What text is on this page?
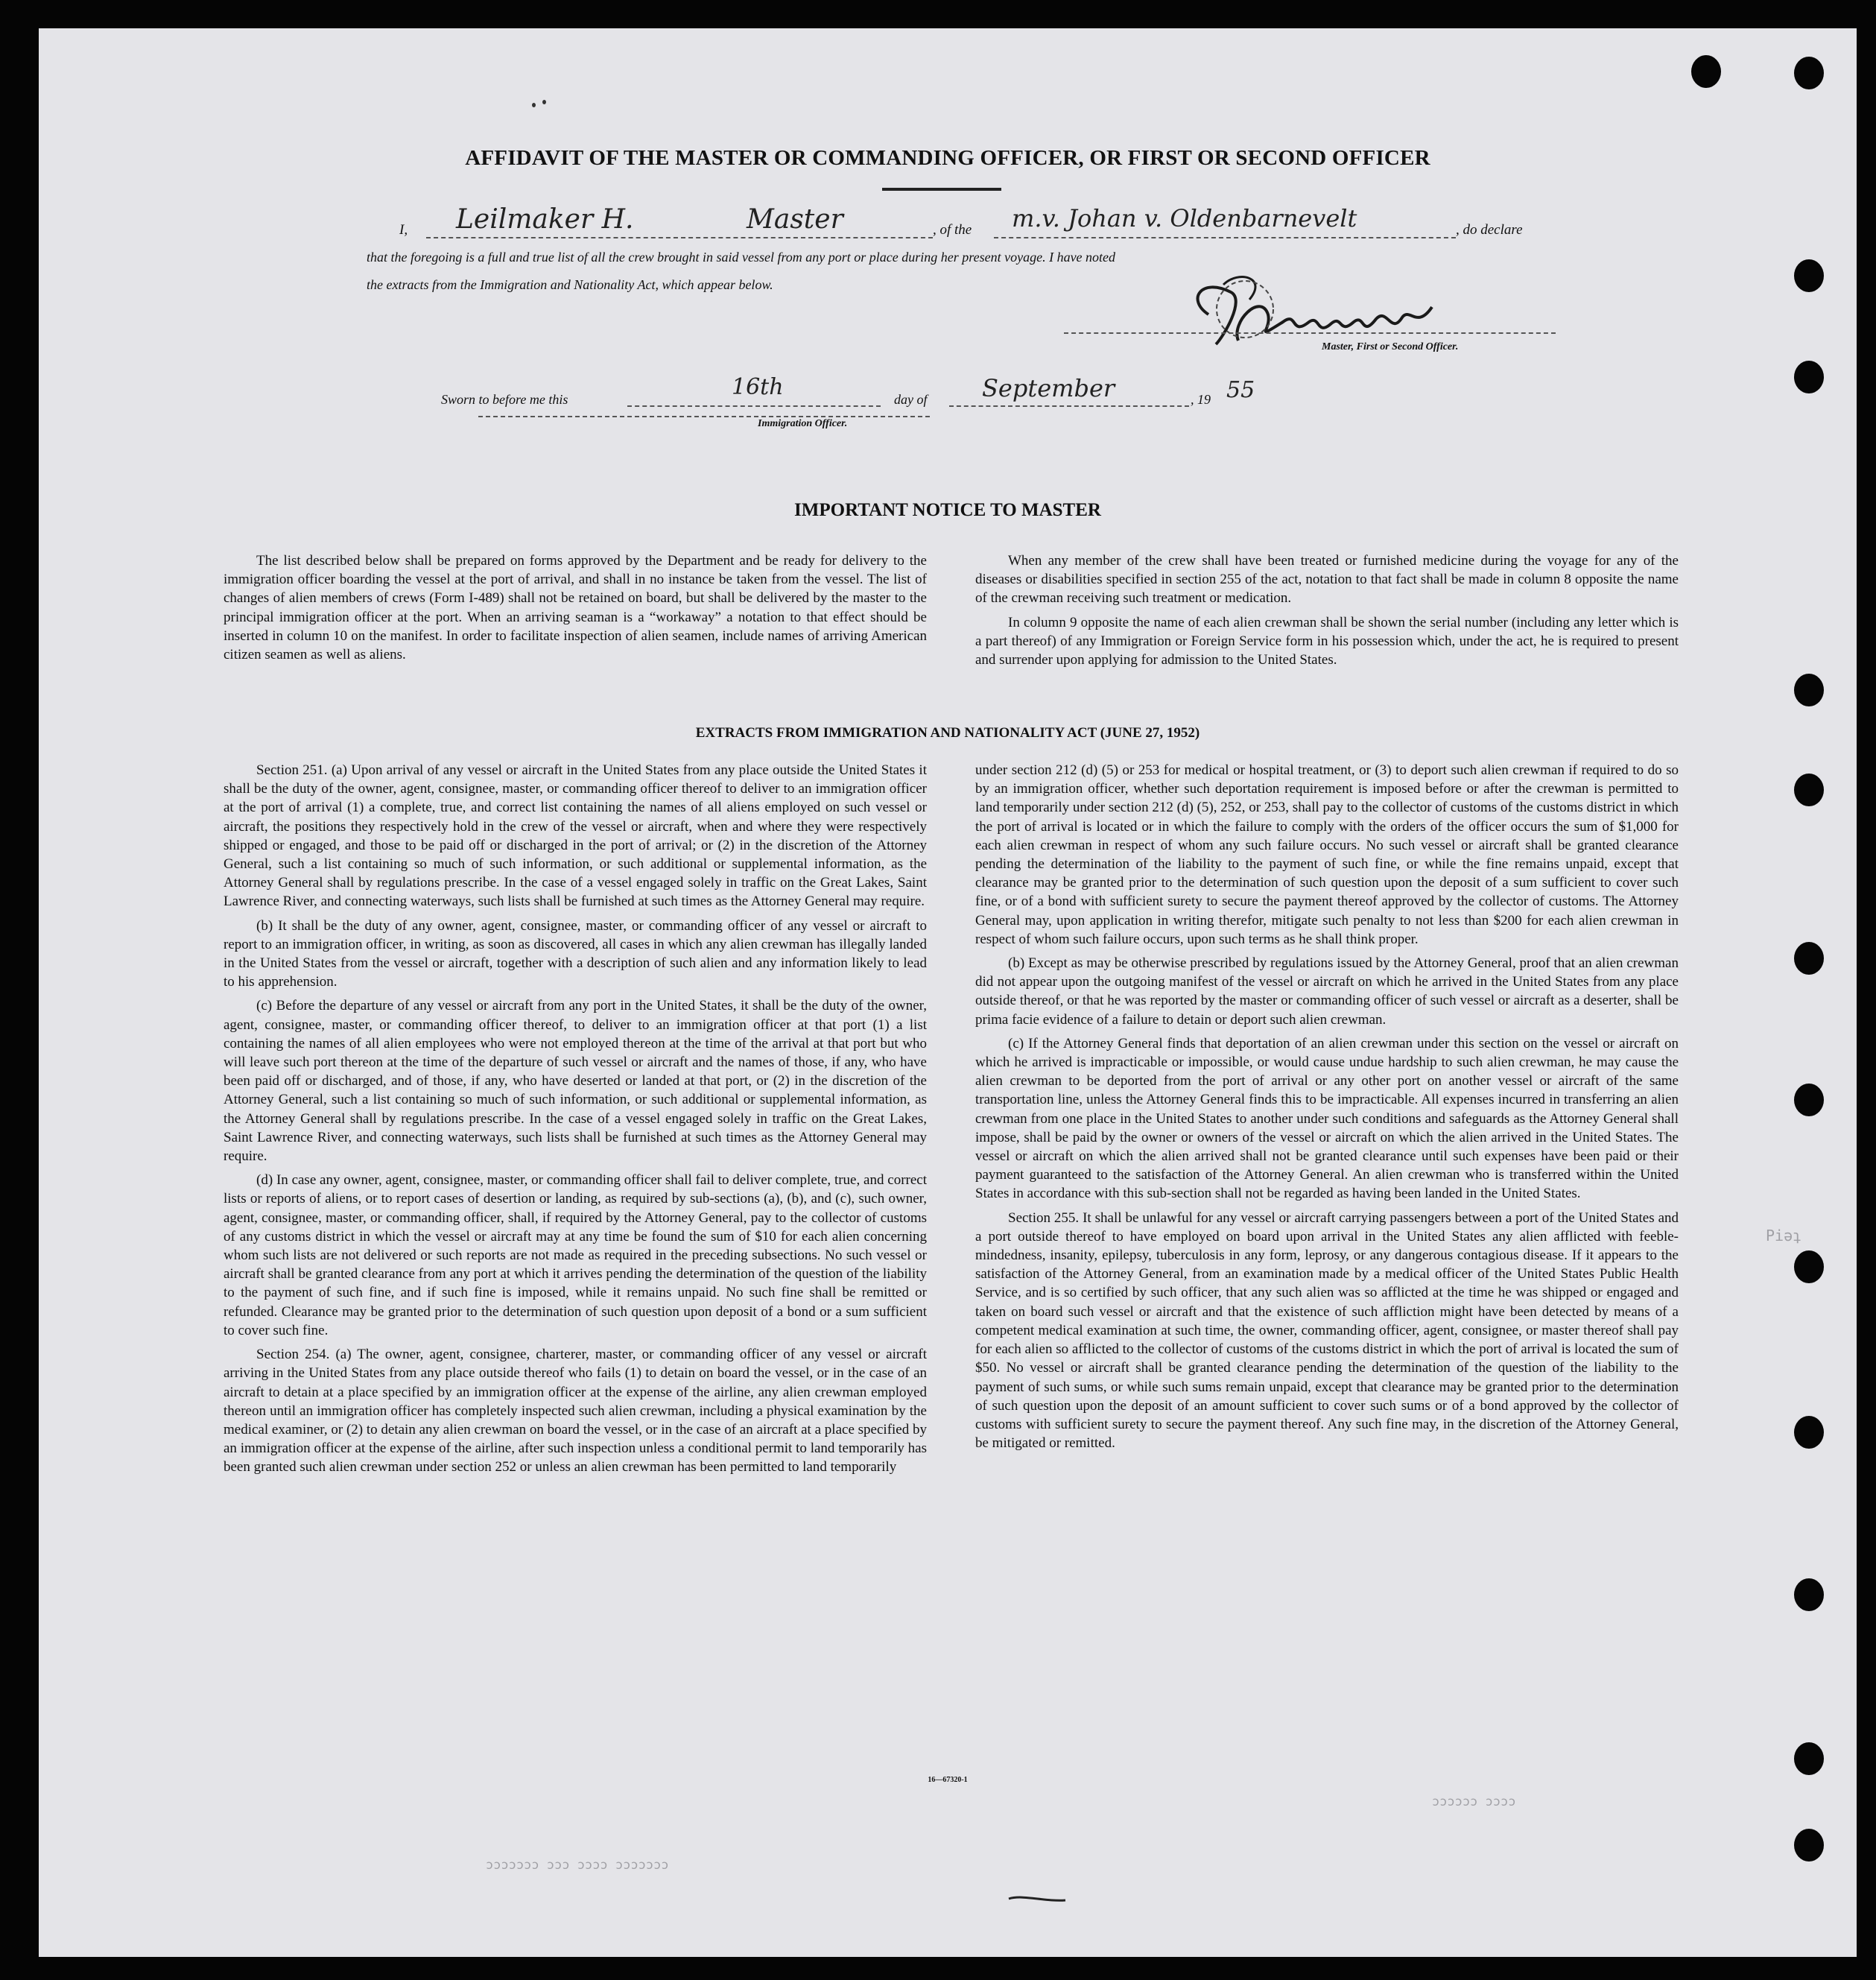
AFFIDAVIT OF THE MASTER OR COMMANDING OFFICER, OR FIRST OR SECOND OFFICER
I, Leilmaker H.	Master	, of the m.v. Johan v. Oldenbarnevelt	, do declare
that the foregoing is a full and true list of all the crew brought in said vessel from any port or place during her present voyage. I have noted
the extracts from the Immigration and Nationality Act, which appear below.
Master, First or Second Officer.
Sworn to before me this	16th	day of September	, 19 55
Immigration Officer.
IMPORTANT NOTICE TO MASTER

The list described below shall be prepared on forms approved by the Department and be ready for delivery to the immigration officer boarding the vessel at the port of arrival, and shall in no instance be taken from the vessel. The list of changes of alien members of crews (Form I-489) shall not be retained on board, but shall be delivered by the master to the principal immigration officer at the port. When an arriving seaman is a “workaway” a notation to that effect should be inserted in column 10 on the manifest. In order to facilitate inspection of alien seamen, include names of arriving American citizen seamen as well as aliens.

When any member of the crew shall have been treated or furnished medicine during the voyage for any of the diseases or disabilities specified in section 255 of the act, notation to that fact shall be made in column 8 opposite the name of the crewman receiving such treatment or medication.

In column 9 opposite the name of each alien crewman shall be shown the serial number (including any letter which is a part thereof) of any Immigration or Foreign Service form in his possession which, under the act, he is required to present and surrender upon applying for admission to the United States.

EXTRACTS FROM IMMIGRATION AND NATIONALITY ACT (JUNE 27, 1952)

Section 251. (a) Upon arrival of any vessel or aircraft in the United States from any place outside the United States it shall be the duty of the owner, agent, consignee, master, or commanding officer thereof to deliver to an immigration officer at the port of arrival (1) a complete, true, and correct list containing the names of all aliens employed on such vessel or aircraft, the positions they respectively hold in the crew of the vessel or aircraft, when and where they were respectively shipped or engaged, and those to be paid off or discharged in the port of arrival; or (2) in the discretion of the Attorney General, such a list containing so much of such information, or such additional or supplemental information, as the Attorney General shall by regulations prescribe. In the case of a vessel engaged solely in traffic on the Great Lakes, Saint Lawrence River, and connecting waterways, such lists shall be furnished at such times as the Attorney General may require.

(b) It shall be the duty of any owner, agent, consignee, master, or commanding officer of any vessel or aircraft to report to an immigration officer, in writing, as soon as discovered, all cases in which any alien crewman has illegally landed in the United States from the vessel or aircraft, together with a description of such alien and any information likely to lead to his apprehension.

(c) Before the departure of any vessel or aircraft from any port in the United States, it shall be the duty of the owner, agent, consignee, master, or commanding officer thereof, to deliver to an immigration officer at that port (1) a list containing the names of all alien employees who were not employed thereon at the time of the arrival at that port but who will leave such port thereon at the time of the departure of such vessel or aircraft and the names of those, if any, who have been paid off or discharged, and of those, if any, who have deserted or landed at that port, or (2) in the discretion of the Attorney General, such a list containing so much of such information, or such additional or supplemental information, as the Attorney General shall by regulations prescribe. In the case of a vessel engaged solely in traffic on the Great Lakes, Saint Lawrence River, and connecting waterways, such lists shall be furnished at such times as the Attorney General may require.

(d) In case any owner, agent, consignee, master, or commanding officer shall fail to deliver complete, true, and correct lists or reports of aliens, or to report cases of desertion or landing, as required by sub-sections (a), (b), and (c), such owner, agent, consignee, master, or commanding officer, shall, if required by the Attorney General, pay to the collector of customs of any customs district in which the vessel or aircraft may at any time be found the sum of $10 for each alien concerning whom such lists are not delivered or such reports are not made as required in the preceding subsections. No such vessel or aircraft shall be granted clearance from any port at which it arrives pending the determination of the question of the liability to the payment of such fine, and if such fine is imposed, while it remains unpaid. No such fine shall be remitted or refunded. Clearance may be granted prior to the determination of such question upon deposit of a bond or a sum sufficient to cover such fine.

Section 254. (a) The owner, agent, consignee, charterer, master, or commanding officer of any vessel or aircraft arriving in the United States from any place outside thereof who fails (1) to detain on board the vessel, or in the case of an aircraft to detain at a place specified by an immigration officer at the expense of the airline, any alien crewman employed thereon until an immigration officer has completely inspected such alien crewman, including a physical examination by the medical examiner, or (2) to detain any alien crewman on board the vessel, or in the case of an aircraft at a place specified by an immigration officer at the expense of the airline, after such inspection unless a conditional permit to land temporarily has been granted such alien crewman under section 252 or unless an alien crewman has been permitted to land temporarily

under section 212 (d) (5) or 253 for medical or hospital treatment, or (3) to deport such alien crewman if required to do so by an immigration officer, whether such deportation requirement is imposed before or after the crewman is permitted to land temporarily under section 212 (d) (5), 252, or 253, shall pay to the collector of customs of the customs district in which the port of arrival is located or in which the failure to comply with the orders of the officer occurs the sum of $1,000 for each alien crewman in respect of whom any such failure occurs. No such vessel or aircraft shall be granted clearance pending the determination of the liability to the payment of such fine, or while the fine remains unpaid, except that clearance may be granted prior to the determination of such question upon the deposit of a sum sufficient to cover such fine, or of a bond with sufficient surety to secure the payment thereof approved by the collector of customs. The Attorney General may, upon application in writing therefor, mitigate such penalty to not less than $200 for each alien crewman in respect of whom such failure occurs, upon such terms as he shall think proper.

(b) Except as may be otherwise prescribed by regulations issued by the Attorney General, proof that an alien crewman did not appear upon the outgoing manifest of the vessel or aircraft on which he arrived in the United States from any place outside thereof, or that he was reported by the master or commanding officer of such vessel or aircraft as a deserter, shall be prima facie evidence of a failure to detain or deport such alien crewman.

(c) If the Attorney General finds that deportation of an alien crewman under this section on the vessel or aircraft on which he arrived is impracticable or impossible, or would cause undue hardship to such alien crewman, he may cause the alien crewman to be deported from the port of arrival or any other port on another vessel or aircraft of the same transportation line, unless the Attorney General finds this to be impracticable. All expenses incurred in transferring an alien crewman from one place in the United States to another under such conditions and safeguards as the Attorney General shall impose, shall be paid by the owner or owners of the vessel or aircraft on which the alien arrived in the United States. The vessel or aircraft on which the alien arrived shall not be granted clearance until such expenses have been paid or their payment guaranteed to the satisfaction of the Attorney General. An alien crewman who is transferred within the United States in accordance with this sub-section shall not be regarded as having been landed in the United States.

Section 255. It shall be unlawful for any vessel or aircraft carrying passengers between a port of the United States and a port outside thereof to have employed on board upon arrival in the United States any alien afflicted with feeble-mindedness, insanity, epilepsy, tuberculosis in any form, leprosy, or any dangerous contagious disease. If it appears to the satisfaction of the Attorney General, from an examination made by a medical officer of the United States Public Health Service, and is so certified by such officer, that any such alien was so afflicted at the time he was shipped or engaged and taken on board such vessel or aircraft and that the existence of such affliction might have been detected by means of a competent medical examination at such time, the owner, commanding officer, agent, consignee, or master thereof shall pay for each alien so afflicted to the collector of customs of the customs district in which the port of arrival is located the sum of $50. No vessel or aircraft shall be granted clearance pending the determination of the question of the liability to the payment of such sums, or while such sums remain unpaid, except that clearance may be granted prior to the determination of such question upon the deposit of an amount sufficient to cover such sums or of a bond approved by the collector of customs with sufficient surety to secure the payment thereof. Any such fine may, in the discretion of the Attorney General, be mitigated or remitted.

16—67320-1
Piǝʇ
ɔɔɔɔɔɔ ɔɔɔɔ
ɔɔɔɔɔɔɔ ɔɔɔ ɔɔɔɔ ɔɔɔɔɔɔɔ
